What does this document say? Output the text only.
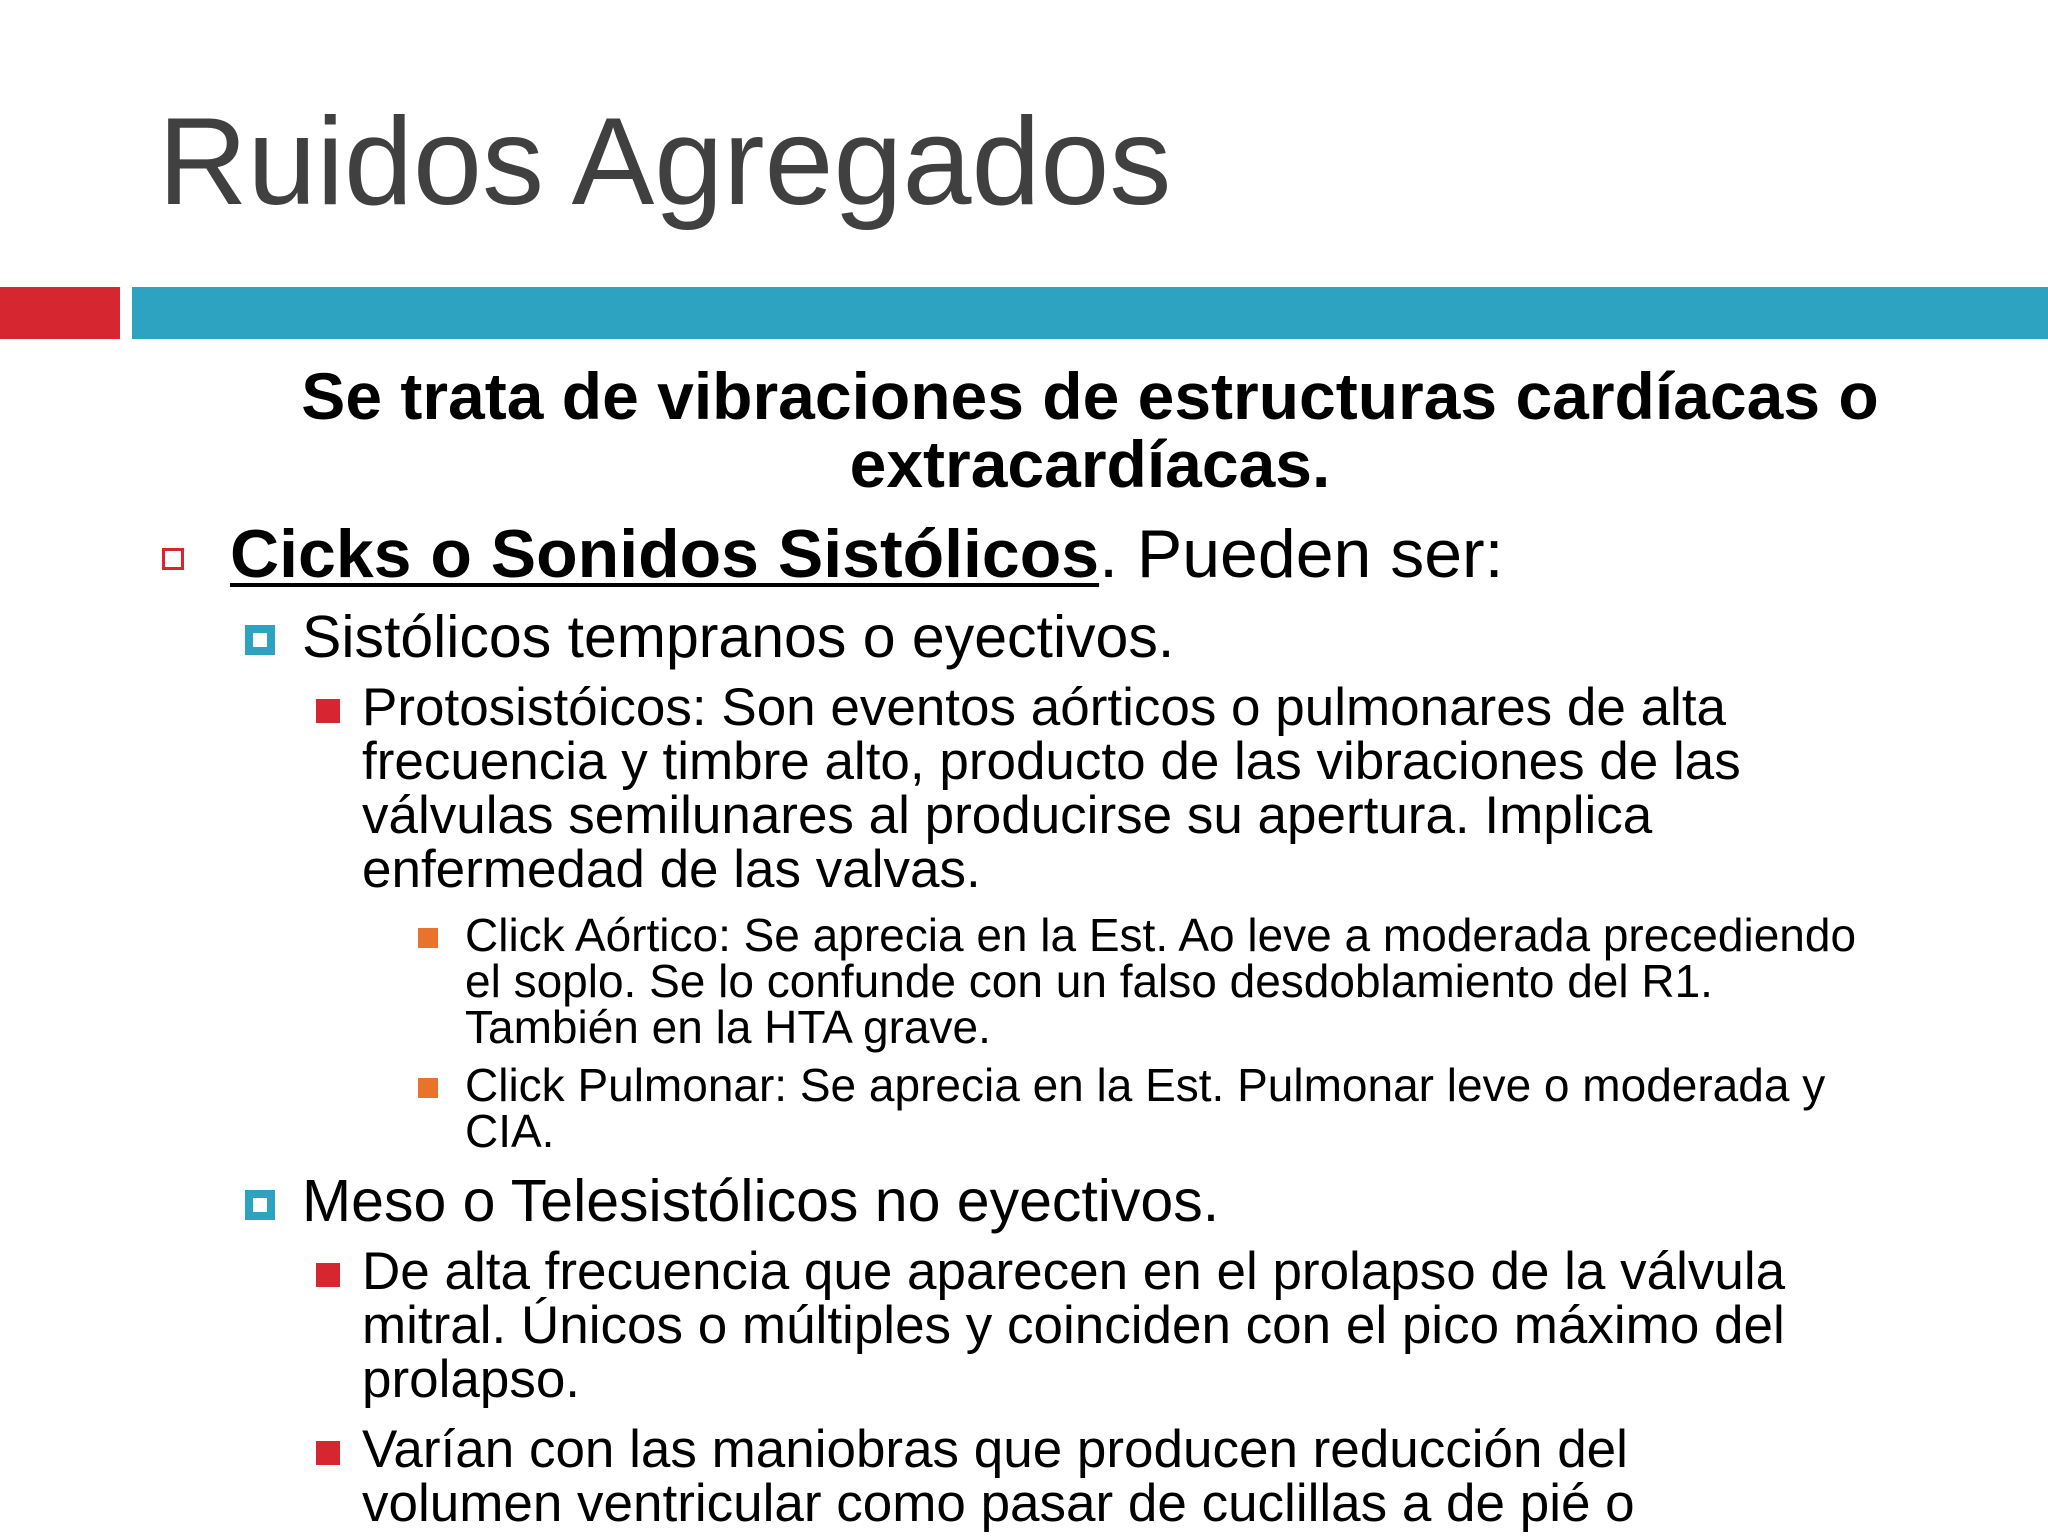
Ruidos Agregados
Se trata de vibraciones de estructuras cardíacas o extracardíacas.
Cicks o Sonidos Sistólicos. Pueden ser:
Sistólicos tempranos o eyectivos.
Protosistóicos: Son eventos aórticos o pulmonares de alta
frecuencia y timbre alto, producto de las vibraciones de las
válvulas semilunares al producirse su apertura. Implica
enfermedad de las valvas.
Click Aórtico: Se aprecia en la Est. Ao leve a moderada precediendo
el soplo. Se lo confunde con un falso desdoblamiento del R1.
También en la HTA grave.
Click Pulmonar: Se aprecia en la Est. Pulmonar leve o moderada y
CIA.
Meso o Telesistólicos no eyectivos.
De alta frecuencia que aparecen en el prolapso de la válvula
mitral. Únicos o múltiples y coinciden con el pico máximo del
prolapso.
Varían con las maniobras que producen reducción del
volumen ventricular como pasar de cuclillas a de pié o
